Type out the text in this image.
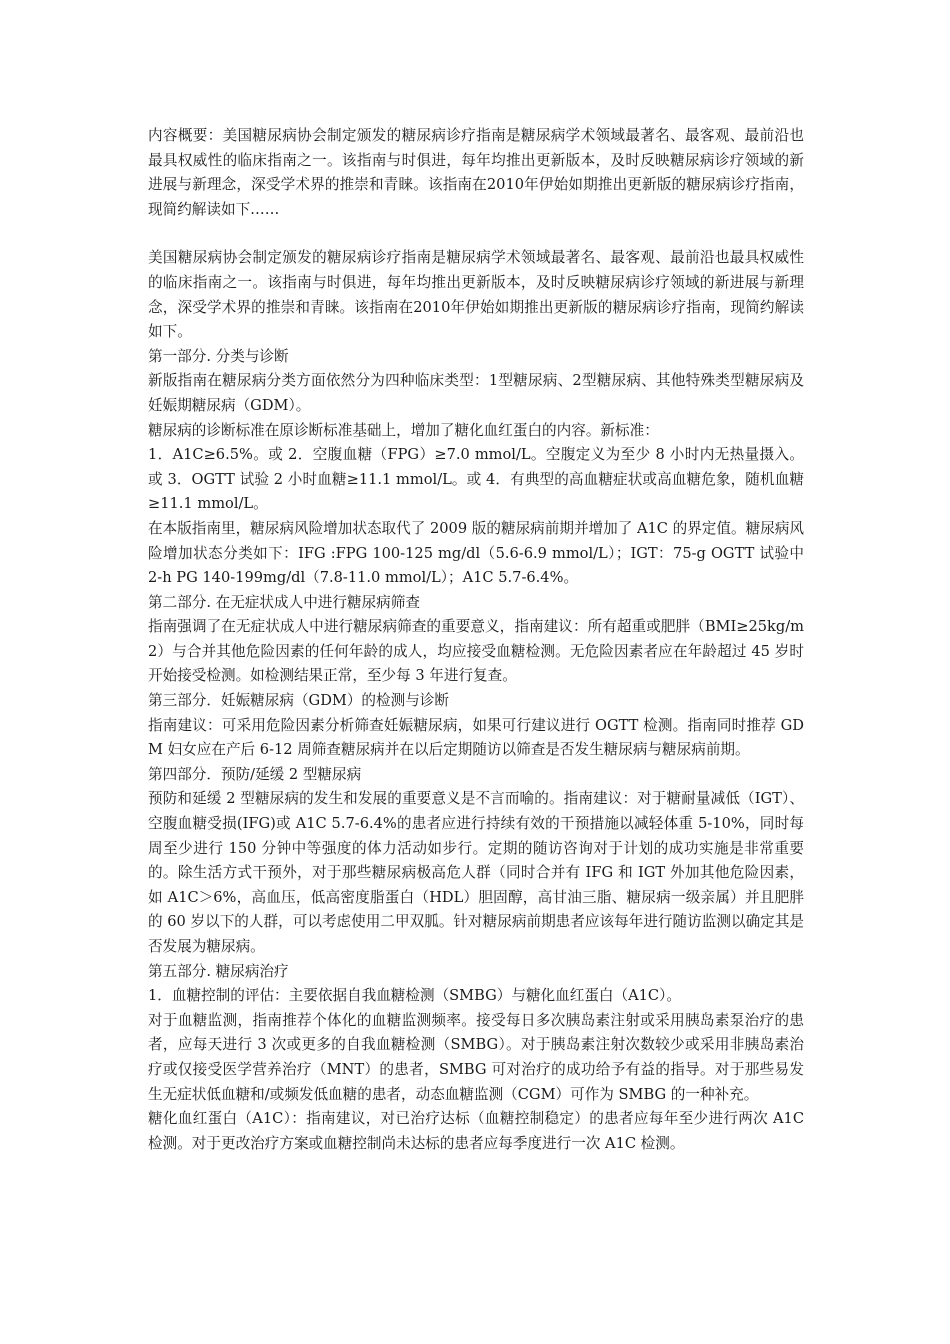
内容概要：美国糖尿病协会制定颁发的糖尿病诊疗指南是糖尿病学术领域最著名、最客观、最前沿也最具权威性的临床指南之一。该指南与时俱进，每年均推出更新版本，及时反映糖尿病诊疗领域的新进展与新理念，深受学术界的推崇和青睐。该指南在2010年伊始如期推出更新版的糖尿病诊疗指南，现简约解读如下……

美国糖尿病协会制定颁发的糖尿病诊疗指南是糖尿病学术领域最著名、最客观、最前沿也最具权威性的临床指南之一。该指南与时俱进，每年均推出更新版本，及时反映糖尿病诊疗领域的新进展与新理念，深受学术界的推崇和青睐。该指南在2010年伊始如期推出更新版的糖尿病诊疗指南，现简约解读如下。

第一部分. 分类与诊断

新版指南在糖尿病分类方面依然分为四种临床类型：1型糖尿病、2型糖尿病、其他特殊类型糖尿病及妊娠期糖尿病（GDM）。

糖尿病的诊断标准在原诊断标准基础上，增加了糖化血红蛋白的内容。新标准：

1．A1C≥6.5%。或 2．空腹血糖（FPG）≥7.0 mmol/L。空腹定义为至少 8 小时内无热量摄入。或 3．OGTT 试验 2 小时血糖≥11.1 mmol/L。或 4．有典型的高血糖症状或高血糖危象，随机血糖≥11.1 mmol/L。

在本版指南里，糖尿病风险增加状态取代了 2009 版的糖尿病前期并增加了 A1C 的界定值。糖尿病风险增加状态分类如下：IFG :FPG 100-125 mg/dl（5.6-6.9 mmol/L）；IGT：75-g OGTT 试验中 2-h PG 140-199mg/dl（7.8-11.0 mmol/L）；A1C 5.7-6.4%。

第二部分. 在无症状成人中进行糖尿病筛查

指南强调了在无症状成人中进行糖尿病筛查的重要意义，指南建议：所有超重或肥胖（BMI≥25kg/m2）与合并其他危险因素的任何年龄的成人，均应接受血糖检测。无危险因素者应在年龄超过 45 岁时开始接受检测。如检测结果正常，至少每 3 年进行复查。

第三部分．妊娠糖尿病（GDM）的检测与诊断

指南建议：可采用危险因素分析筛查妊娠糖尿病，如果可行建议进行 OGTT 检测。指南同时推荐 GDM 妇女应在产后 6-12 周筛查糖尿病并在以后定期随访以筛查是否发生糖尿病与糖尿病前期。

第四部分．预防/延缓 2 型糖尿病

预防和延缓 2 型糖尿病的发生和发展的重要意义是不言而喻的。指南建议：对于糖耐量减低（IGT）、空腹血糖受损(IFG)或 A1C 5.7-6.4%的患者应进行持续有效的干预措施以减轻体重 5-10%，同时每周至少进行 150 分钟中等强度的体力活动如步行。定期的随访咨询对于计划的成功实施是非常重要的。除生活方式干预外，对于那些糖尿病极高危人群（同时合并有 IFG 和 IGT 外加其他危险因素，如 A1C＞6%，高血压，低高密度脂蛋白（HDL）胆固醇，高甘油三脂、糖尿病一级亲属）并且肥胖的 60 岁以下的人群，可以考虑使用二甲双胍。针对糖尿病前期患者应该每年进行随访监测以确定其是否发展为糖尿病。

第五部分. 糖尿病治疗

1．血糖控制的评估：主要依据自我血糖检测（SMBG）与糖化血红蛋白（A1C）。

对于血糖监测，指南推荐个体化的血糖监测频率。接受每日多次胰岛素注射或采用胰岛素泵治疗的患者，应每天进行 3 次或更多的自我血糖检测（SMBG）。对于胰岛素注射次数较少或采用非胰岛素治疗或仅接受医学营养治疗（MNT）的患者，SMBG 可对治疗的成功给予有益的指导。对于那些易发生无症状低血糖和/或频发低血糖的患者，动态血糖监测（CGM）可作为 SMBG 的一种补充。

糖化血红蛋白（A1C）：指南建议，对已治疗达标（血糖控制稳定）的患者应每年至少进行两次 A1C 检测。对于更改治疗方案或血糖控制尚未达标的患者应每季度进行一次 A1C 检测。
